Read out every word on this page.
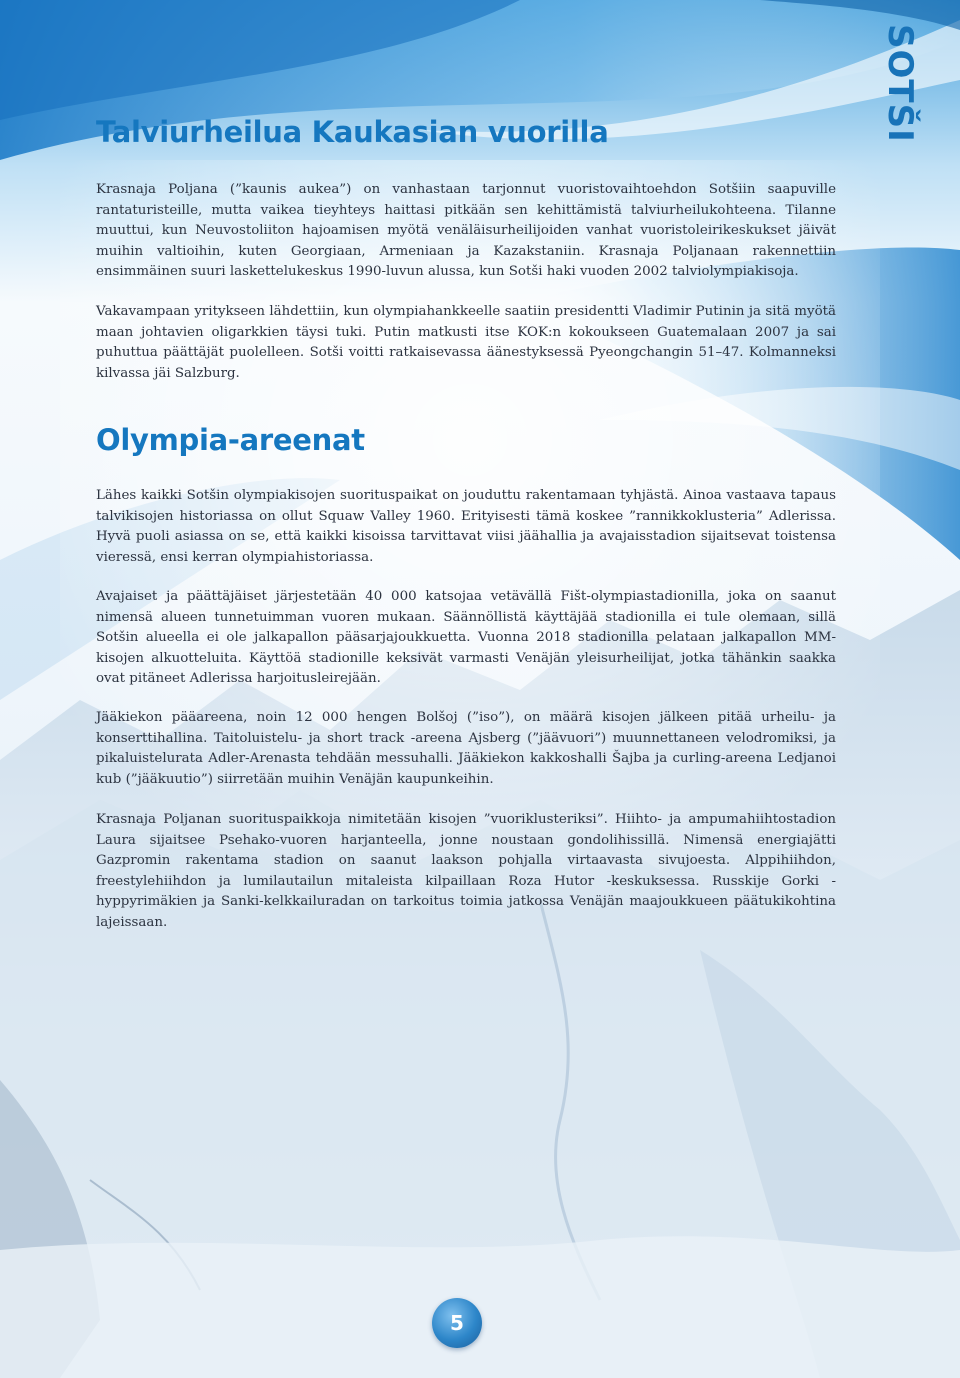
SOTŠI
Talviurheilua Kaukasian vuorilla

Krasnaja Poljana (”kaunis aukea”) on vanhastaan tarjonnut vuoristovaihtoehdon Sotšiin saapuville rantaturisteille, mutta vaikea tieyhteys haittasi pitkään sen kehittämistä talviurheilukohteena. Tilanne muuttui, kun Neuvostoliiton hajoamisen myötä venäläisurheilijoiden vanhat vuoristoleirikeskukset jäivät muihin valtioihin, kuten Georgiaan, Armeniaan ja Kazakstaniin. Krasnaja Poljanaan rakennettiin ensimmäinen suuri laskettelukeskus 1990-luvun alussa, kun Sotši haki vuoden 2002 talviolympiakisoja.

Vakavampaan yritykseen lähdettiin, kun olympiahankkeelle saatiin presidentti Vladimir Putinin ja sitä myötä maan johtavien oligarkkien täysi tuki. Putin matkusti itse KOK:n kokoukseen Guatemalaan 2007 ja sai puhuttua päättäjät puolelleen. Sotši voitti ratkaisevassa äänestyksessä Pyeongchangin 51–47. Kolmanneksi kilvassa jäi Salzburg.

Olympia-areenat

Lähes kaikki Sotšin olympiakisojen suorituspaikat on jouduttu rakentamaan tyhjästä. Ainoa vastaava tapaus talvikisojen historiassa on ollut Squaw Valley 1960. Erityisesti tämä koskee ”rannikkoklusteria” Adlerissa. Hyvä puoli asiassa on se, että kaikki kisoissa tarvittavat viisi jäähallia ja avajaisstadion sijaitsevat toistensa vieressä, ensi kerran olympiahistoriassa.

Avajaiset ja päättäjäiset järjestetään 40 000 katsojaa vetävällä Fišt-olympiastadionilla, joka on saanut nimensä alueen tunnetuimman vuoren mukaan. Säännöllistä käyttäjää stadionilla ei tule olemaan, sillä Sotšin alueella ei ole jalkapallon pääsarjajoukkuetta. Vuonna 2018 stadionilla pelataan jalkapallon MM-kisojen alkuotteluita. Käyttöä stadionille keksivät varmasti Venäjän yleisurheilijat, jotka tähänkin saakka ovat pitäneet Adlerissa harjoitusleirejään.

Jääkiekon pääareena, noin 12 000 hengen Bolšoj (”iso”), on määrä kisojen jälkeen pitää urheilu- ja konserttihallina. Taitoluistelu- ja short track -areena Ajsberg (”jäävuori”) muunnettaneen velodromiksi, ja pikaluistelurata Adler-Arenasta tehdään messuhalli. Jääkiekon kakkoshalli Šajba ja curling-areena Ledjanoi kub (”jääkuutio”) siirretään muihin Venäjän kaupunkeihin.

Krasnaja Poljanan suorituspaikkoja nimitetään kisojen ”vuoriklusteriksi”. Hiihto- ja ampumahiihtostadion Laura sijaitsee Psehako-vuoren harjanteella, jonne noustaan gondolihissillä. Nimensä energiajätti Gazpromin rakentama stadion on saanut laakson pohjalla virtaavasta sivujoesta. Alppihiihdon, freestylehiihdon ja lumilautailun mitaleista kilpaillaan Roza Hutor -keskuksessa. Russkije Gorki -hyppyrimäkien ja Sanki-kelkkailuradan on tarkoitus toimia jatkossa Venäjän maajoukkueen päätukikohtina lajeissaan.

5
